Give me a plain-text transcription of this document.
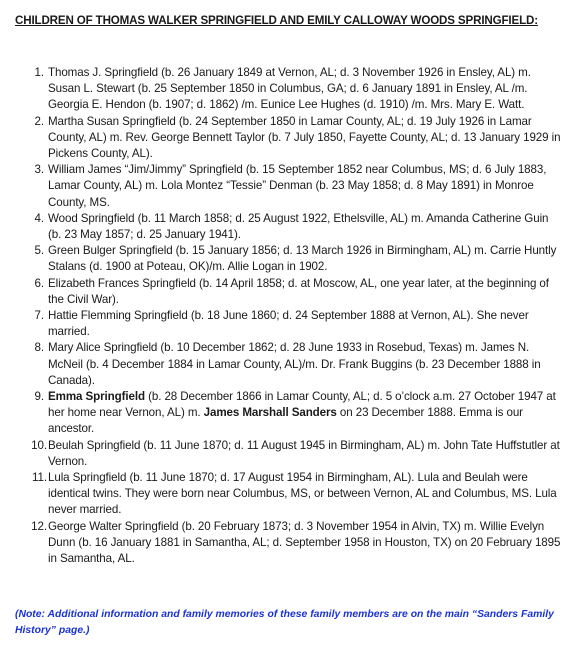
CHILDREN OF THOMAS WALKER SPRINGFIELD AND EMILY CALLOWAY WOODS SPRINGFIELD:

1. Thomas J. Springfield (b. 26 January 1849 at Vernon, AL; d. 3 November 1926 in Ensley, AL) m. Susan L. Stewart (b. 25 September 1850 in Columbus, GA; d. 6 January 1891 in Ensley, AL /m. Georgia E. Hendon (b. 1907; d. 1862) /m. Eunice Lee Hughes (d. 1910) /m. Mrs. Mary E. Watt.
2. Martha Susan Springfield (b. 24 September 1850 in Lamar County, AL; d. 19 July 1926 in Lamar County, AL) m. Rev. George Bennett Taylor (b. 7 July 1850, Fayette County, AL; d. 13 January 1929 in Pickens County, AL).
3. William James “Jim/Jimmy” Springfield (b. 15 September 1852 near Columbus, MS; d. 6 July 1883, Lamar County, AL) m. Lola Montez “Tessie” Denman (b. 23 May 1858; d. 8 May 1891) in Monroe County, MS.
4. Wood Springfield (b. 11 March 1858; d. 25 August 1922, Ethelsville, AL) m. Amanda Catherine Guin (b. 23 May 1857; d. 25 January 1941).
5. Green Bulger Springfield (b. 15 January 1856; d. 13 March 1926 in Birmingham, AL) m. Carrie Huntly Stalans (d. 1900 at Poteau, OK)/m. Allie Logan in 1902.
6. Elizabeth Frances Springfield (b. 14 April 1858; d. at Moscow, AL, one year later, at the beginning of the Civil War).
7. Hattie Flemming Springfield (b. 18 June 1860; d. 24 September 1888 at Vernon, AL). She never married.
8. Mary Alice Springfield (b. 10 December 1862; d. 28 June 1933 in Rosebud, Texas) m. James N. McNeil (b. 4 December 1884 in Lamar County, AL)/m. Dr. Frank Buggins (b. 23 December 1888 in Canada).
9. Emma Springfield (b. 28 December 1866 in Lamar County, AL; d. 5 o’clock a.m. 27 October 1947 at her home near Vernon, AL) m. James Marshall Sanders on 23 December 1888. Emma is our ancestor.
10. Beulah Springfield (b. 11 June 1870; d. 11 August 1945 in Birmingham, AL) m. John Tate Huffstutler at Vernon.
11. Lula Springfield (b. 11 June 1870; d. 17 August 1954 in Birmingham, AL). Lula and Beulah were identical twins. They were born near Columbus, MS, or between Vernon, AL and Columbus, MS. Lula never married.
12. George Walter Springfield (b. 20 February 1873; d. 3 November 1954 in Alvin, TX) m. Willie Evelyn Dunn (b. 16 January 1881 in Samantha, AL; d. September 1958 in Houston, TX) on 20 February 1895 in Samantha, AL.

(Note: Additional information and family memories of these family members are on the main “Sanders Family History” page.)
